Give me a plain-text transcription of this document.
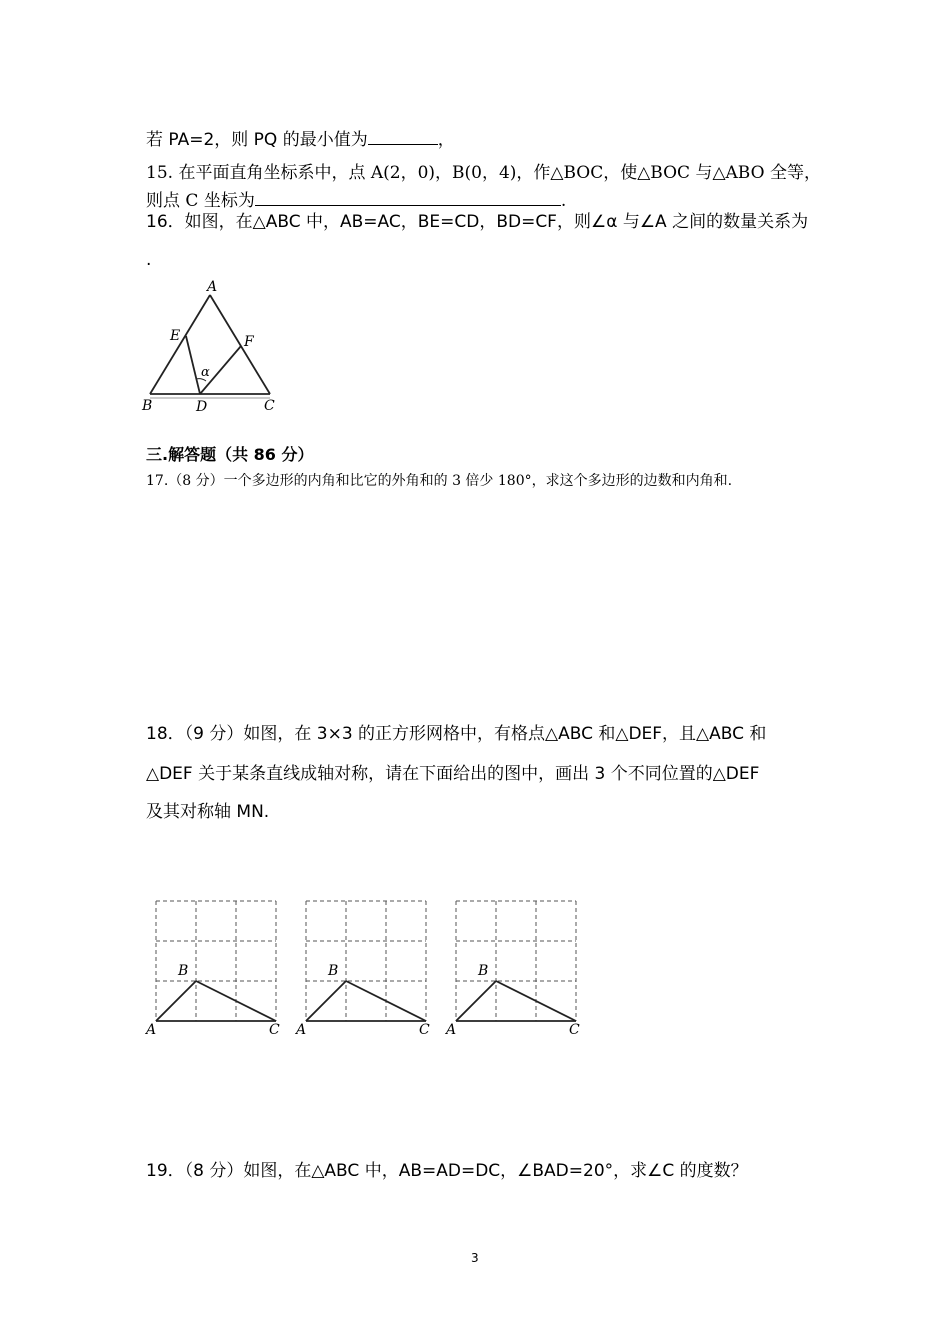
若 PA=2，则 PQ 的最小值为	，
15. 在平面直角坐标系中，点 A(2，0)，B(0，4)，作△BOC，使△BOC 与△ABO 全等，
则点 C 坐标为	.
16．如图，在△ABC 中，AB=AC，BE=CD，BD=CF，则∠α 与∠A 之间的数量关系为
.
A
B	C
D
E	F
α
三.解答题（共 86 分）
17.（8 分）一个多边形的内角和比它的外角和的 3 倍少 180°，求这个多边形的边数和内角和.
18．（9 分）如图，在 3×3 的正方形网格中，有格点△ABC 和△DEF，且△ABC 和
△DEF 关于某条直线成轴对称，请在下面给出的图中，画出 3 个不同位置的△DEF
及其对称轴 MN.
B
A	C
B
A	C
B
A	C
19．（8 分）如图，在△ABC 中，AB=AD=DC，∠BAD=20°，求∠C 的度数？
3
